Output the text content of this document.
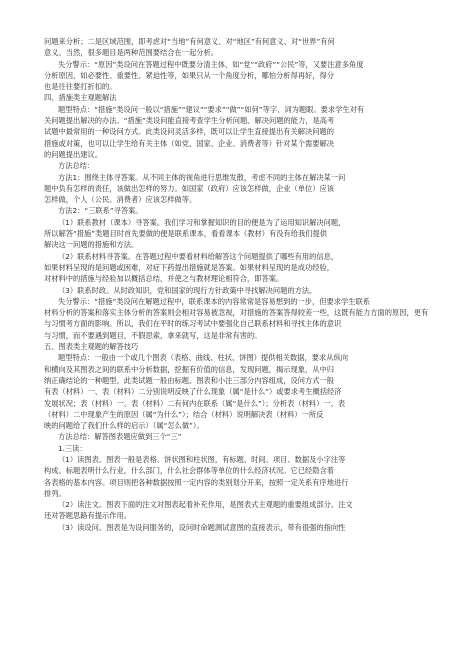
问题来分析；二是区域范围，即考虑对“当地”有何意义、对“地区”有何意义、对“世界”有何
意义。当然，很多题目是两种范围要结合在一起分析。
失分警示：“原因”类设问在答题过程中既要分清主体，如“党”“政府”“公民”等，又要注意多角度
分析原因，如必要性、重要性、紧迫性等，如果只从一个角度分析，哪怕分析得再好，得分
也是往往要打折扣的。
四、措施类主观题解法
题型特点：“措施”类设问一般以“措施”“建议”“要求”“做”“如何”等字、词为题眼。要求学生对有
关问题提出解决的办法。“措施”类设问能直接考查学生分析问题、解决问题的能力，是高考
试题中最常用的一种设问方式。此类设问灵活多样，既可以让学生直接提出有关解决问题的
措施或对策，也可以让学生给有关主体（如党、国家、企业、消费者等）针对某个需要解决
的问题提出建议。
方法总结：
方法1：围绕主体寻答案。从不同主体的视角进行思维发散，考虑不同的主体在解决某一问
题中负有怎样的责任，该做出怎样的努力。如国家（政府）应该怎样做，企业（单位）应该
怎样做，个人（公民、消费者）应该怎样做等。
方法2：“三联系”寻答案。
（1）联系教材（课本）寻答案。我们学习和掌握知识的目的便是为了运用知识解决问题，
所以解答“措施”类题目时首先要做的便是联系课本，看看课本（教材）有没有给我们提供
解决这一问题的措施和方法。
（2）联系材料寻答案。在答题过程中要看材料给解答这个问题提供了哪些有用的信息，
如果材料呈现的是问题或困难，对症下药提出措施就是答案。如果材料呈现的是成功经验，
对材料中的措施与经验加以概括总结，并使之与教材理论相符合，即答案。
（3）联系时政。从时政知识，党和国家的现行方针政策中寻找解决问题的方法。
失分警示：“措施”类设问在解题过程中，联系课本的内容常常是容易想到的一步，但要求学生联系
材料分析的答案和落实主体分析的答案则会相对容易被忽视，对措施的答案答得较差一些，这既有能力方面的原因，更有
与习惯考方面的影响。所以，我们在平时的练习考试中要强化自己联系材料和寻找主体的意识
与习惯，而不要遇到题目，不假思索，拿来就写，这是非常有害的。
五、图表类主观题的解答技巧
题型特点：一般由一个或几个图表（表格、曲线、柱状、饼图）提供相关数据，要求从纵向
和横向及其图表之间的联系中分析数据，挖掘有价值的信息，发现问题，揭示现象，从中归
纳正确结论的一种题型。此类试题一般由标题、图表和小注三部分内容组成，设问方式一般
有表（材料）一、表（材料）二分别说明反映了什么现象（属“是什么”）或要求考生概括经济
发展状况；表（材料）一、表（材料）二有何内在联系（属“是什么”）；分析表（材料）一、表
（材料）二中现象产生的原因（属“为什么”）；结合（材料）说明解决表（材料）一所反
映的问题给了我们什么样的启示）（属“怎么做”）。
方法总结：解答图表题应做到三个“三”
1.三读：
（1）读图表。图表一般是表格、饼状图和柱状图，有标题、时间、项目、数据及小字注等
构成。标题表明什么行业，什么部门，什么社会群体等单位的什么经济状况。它已经隐含着
各表格的基本内容。项目则把各种数据按照一定内容的类别划分开来，按照一定关系有序地进行
排列。
（2）读注文。图表下面的注文对图表起着补充作用，是图表式主观题的重要组成部分。注文
还对答题思路有提示作用。
（3）读设问。图表是为设问服务的，设问时命题测试意图的直接表示，带有很强的指向性
